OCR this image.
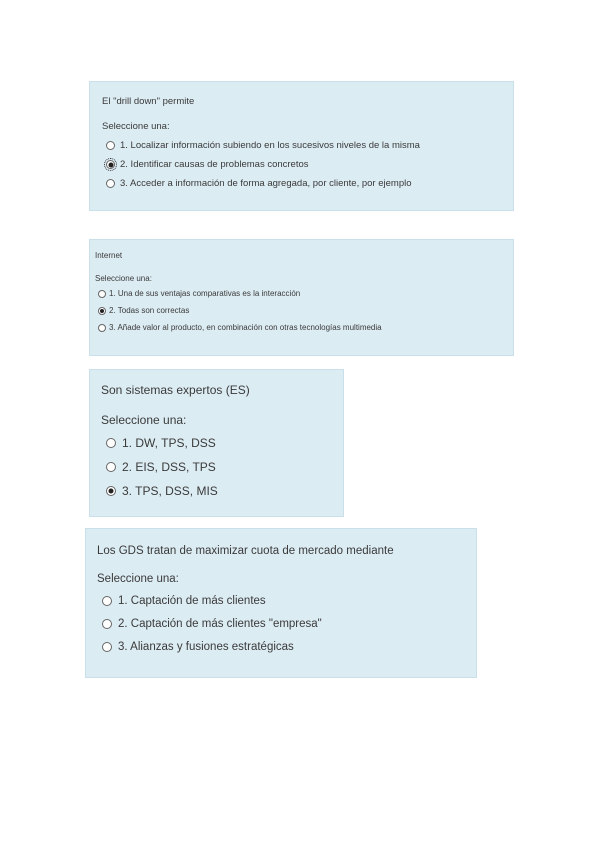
El "drill down" permite

Seleccione una:

1. Localizar información subiendo en los sucesivos niveles de la misma
2. Identificar causas de problemas concretos
3. Acceder a información de forma agregada, por cliente, por ejemplo

Internet

Seleccione una:

1. Una de sus ventajas comparativas es la interacción
2. Todas son correctas
3. Añade valor al producto, en combinación con otras tecnologías multimedia

Son sistemas expertos (ES)

Seleccione una:

1. DW, TPS, DSS
2. EIS, DSS, TPS
3. TPS, DSS, MIS

Los GDS tratan de maximizar cuota de mercado mediante

Seleccione una:

1. Captación de más clientes
2. Captación de más clientes "empresa"
3. Alianzas y fusiones estratégicas
